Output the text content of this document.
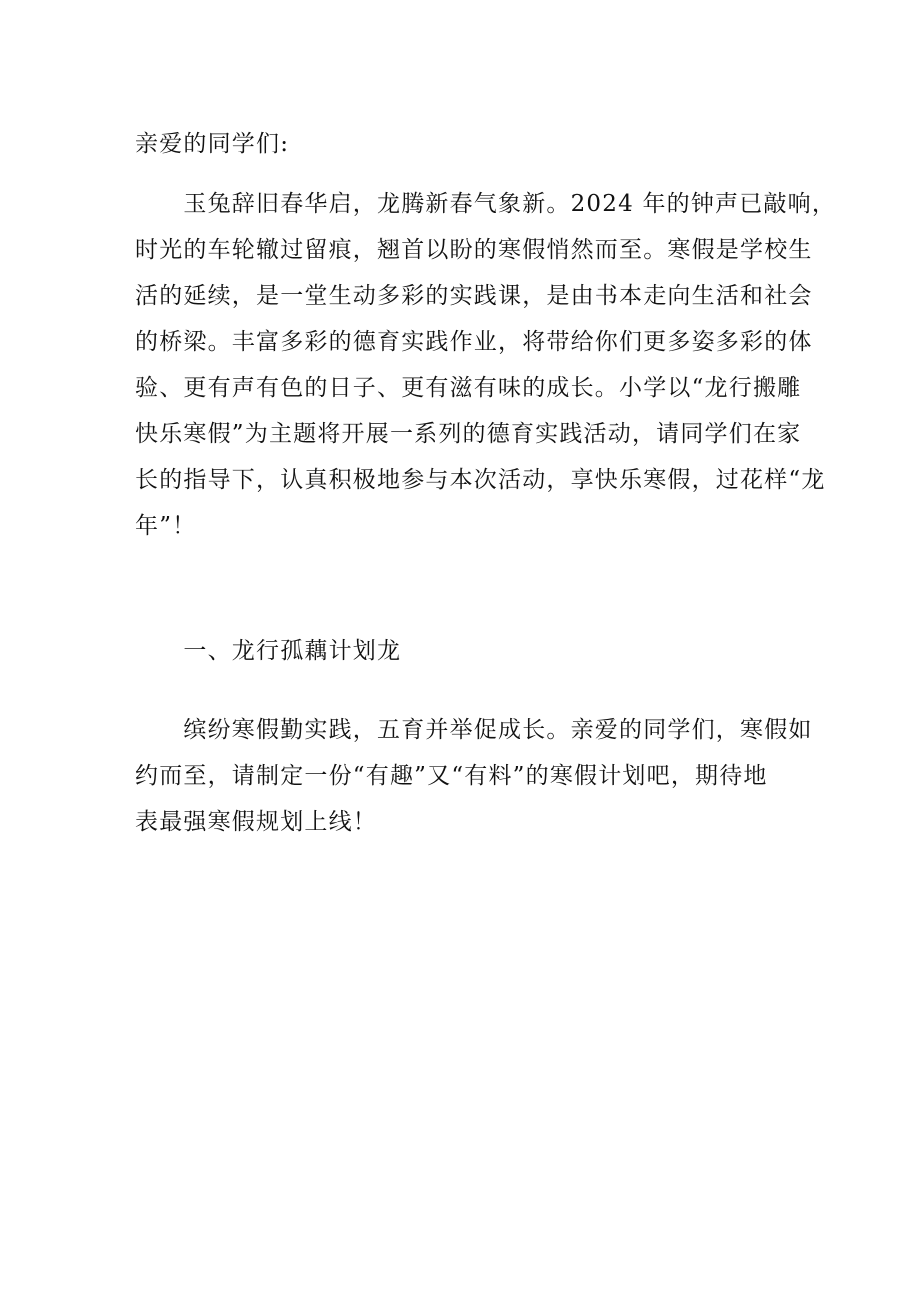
亲爱的同学们:
　　玉兔辞旧春华启，龙腾新春气象新。2024 年的钟声已敲响，
时光的车轮辙过留痕，翘首以盼的寒假悄然而至。寒假是学校生
活的延续，是一堂生动多彩的实践课，是由书本走向生活和社会
的桥梁。丰富多彩的德育实践作业，将带给你们更多姿多彩的体
验、更有声有色的日子、更有滋有味的成长。小学以“龙行搬雕
快乐寒假”为主题将开展一系列的德育实践活动，请同学们在家
长的指导下，认真积极地参与本次活动，享快乐寒假，过花样“龙
年”！
　　一、龙行孤藕计划龙
　　缤纷寒假勤实践，五育并举促成长。亲爱的同学们，寒假如
约而至，请制定一份“有趣”又“有料”的寒假计划吧，期待地
表最强寒假规划上线！
